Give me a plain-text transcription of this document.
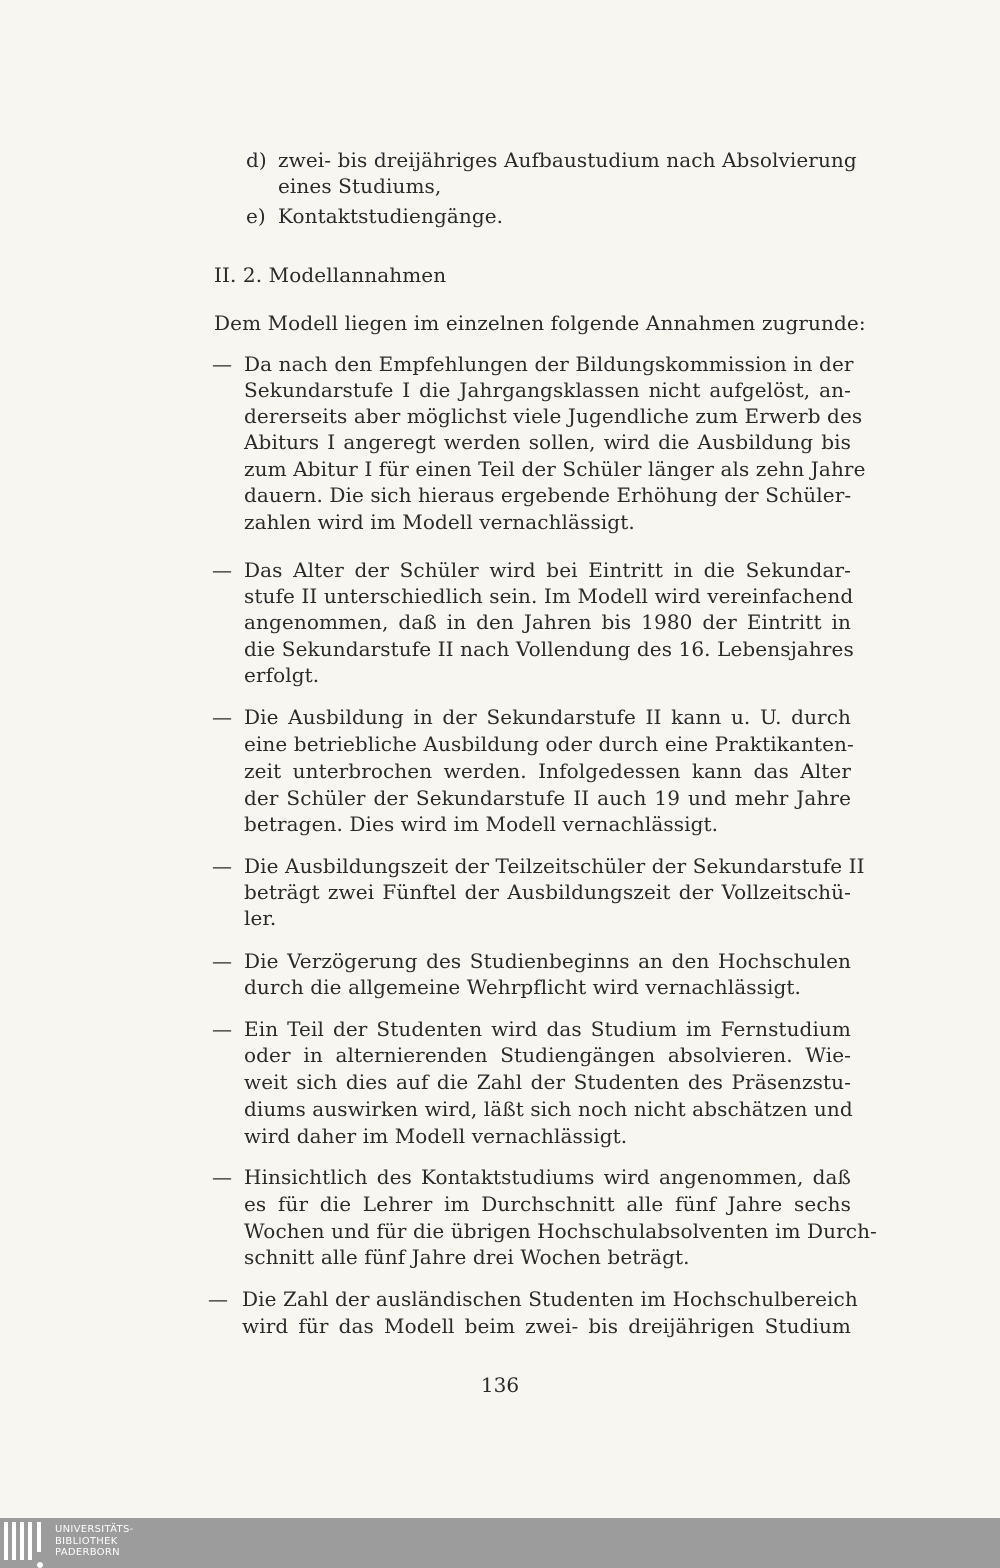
d) zwei- bis dreijähriges Aufbaustudium nach Absolvierung
eines Studiums,
e) Kontaktstudiengänge.
II. 2. Modellannahmen
Dem Modell liegen im einzelnen folgende Annahmen zugrunde:
— Da nach den Empfehlungen der Bildungskommission in der
Sekundarstufe I die Jahrgangsklassen nicht aufgelöst, an-
dererseits aber möglichst viele Jugendliche zum Erwerb des
Abiturs I angeregt werden sollen, wird die Ausbildung bis
zum Abitur I für einen Teil der Schüler länger als zehn Jahre
dauern. Die sich hieraus ergebende Erhöhung der Schüler-
zahlen wird im Modell vernachlässigt.
— Das Alter der Schüler wird bei Eintritt in die Sekundar-
stufe II unterschiedlich sein. Im Modell wird vereinfachend
angenommen, daß in den Jahren bis 1980 der Eintritt in
die Sekundarstufe II nach Vollendung des 16. Lebensjahres
erfolgt.
— Die Ausbildung in der Sekundarstufe II kann u. U. durch
eine betriebliche Ausbildung oder durch eine Praktikanten-
zeit unterbrochen werden. Infolgedessen kann das Alter
der Schüler der Sekundarstufe II auch 19 und mehr Jahre
betragen. Dies wird im Modell vernachlässigt.
— Die Ausbildungszeit der Teilzeitschüler der Sekundarstufe II
beträgt zwei Fünftel der Ausbildungszeit der Vollzeitschü-
ler.
— Die Verzögerung des Studienbeginns an den Hochschulen
durch die allgemeine Wehrpflicht wird vernachlässigt.
— Ein Teil der Studenten wird das Studium im Fernstudium
oder in alternierenden Studiengängen absolvieren. Wie-
weit sich dies auf die Zahl der Studenten des Präsenzstu-
diums auswirken wird, läßt sich noch nicht abschätzen und
wird daher im Modell vernachlässigt.
— Hinsichtlich des Kontaktstudiums wird angenommen, daß
es für die Lehrer im Durchschnitt alle fünf Jahre sechs
Wochen und für die übrigen Hochschulabsolventen im Durch-
schnitt alle fünf Jahre drei Wochen beträgt.
— Die Zahl der ausländischen Studenten im Hochschulbereich
wird für das Modell beim zwei- bis dreijährigen Studium
136
UNIVERSITÄTS-
BIBLIOTHEK
PADERBORN
